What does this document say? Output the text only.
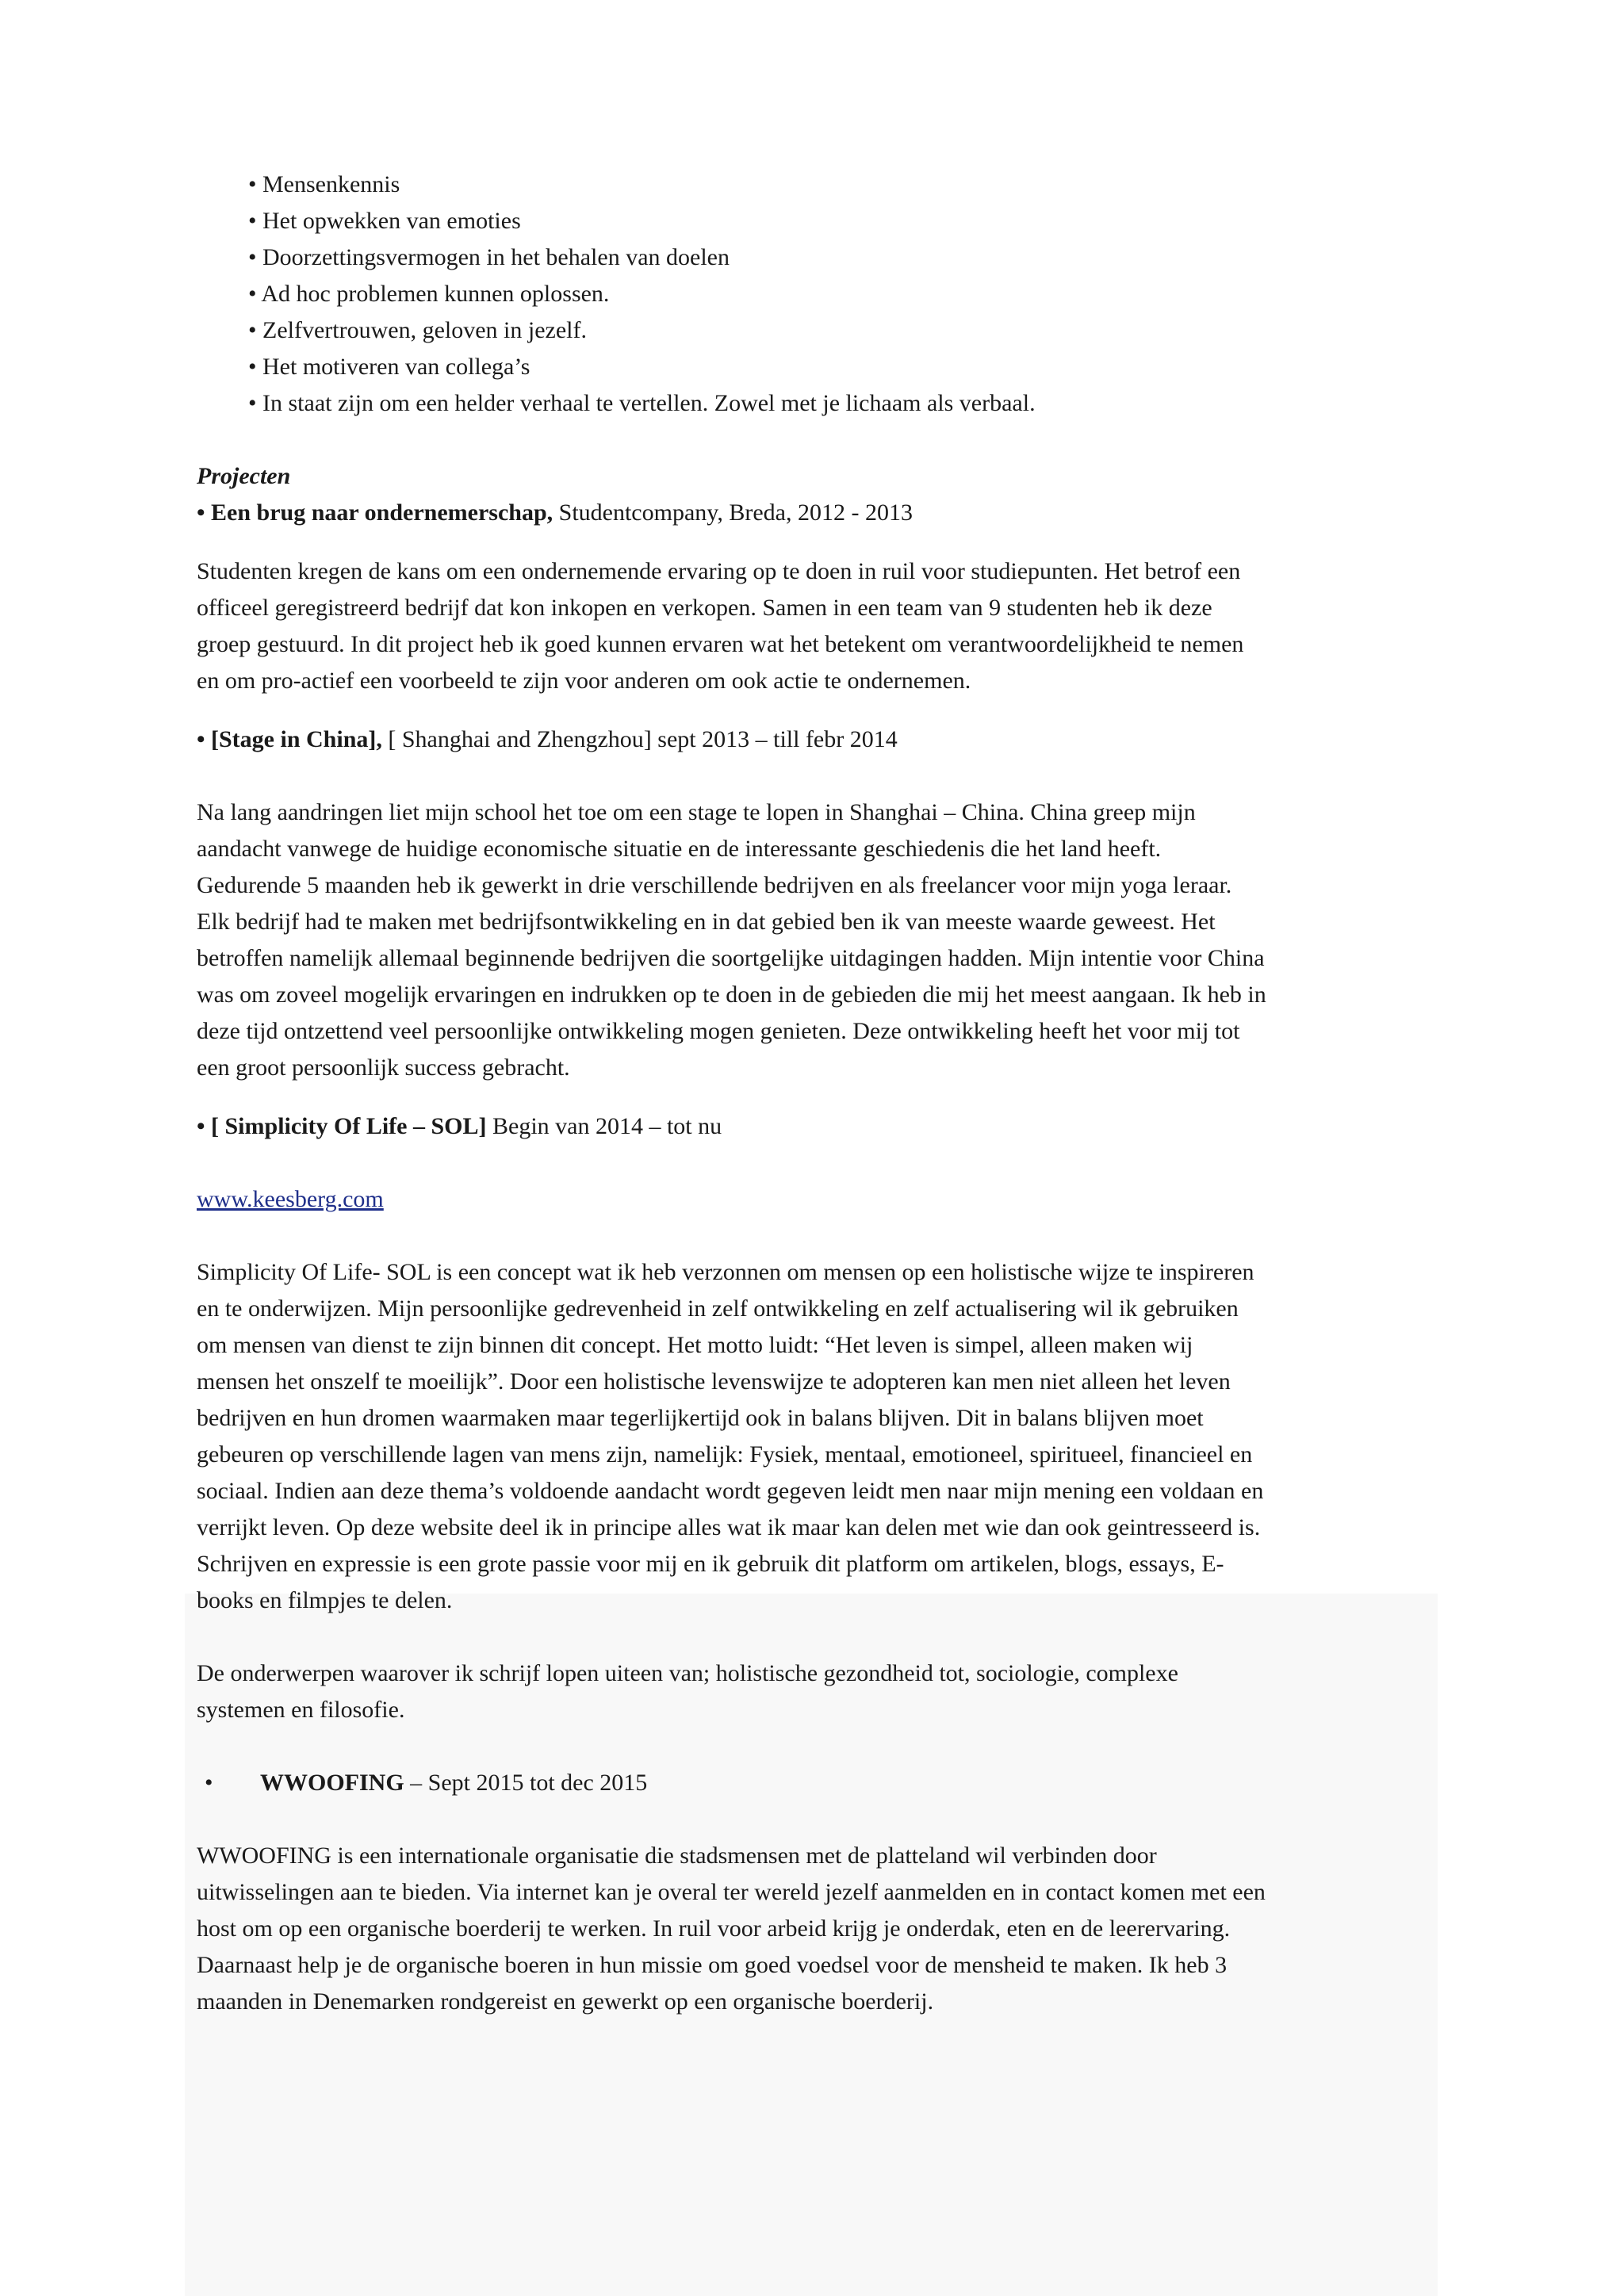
• Mensenkennis
• Het opwekken van emoties
• Doorzettingsvermogen in het behalen van doelen
• Ad hoc problemen kunnen oplossen.
• Zelfvertrouwen, geloven in jezelf.
• Het motiveren van collega’s
• In staat zijn om een helder verhaal te vertellen. Zowel met je lichaam als verbaal.
Projecten
• Een brug naar ondernemerschap, Studentcompany, Breda, 2012 - 2013
Studenten kregen de kans om een ondernemende ervaring op te doen in ruil voor studiepunten. Het betrof een
officeel geregistreerd bedrijf dat kon inkopen en verkopen. Samen in een team van 9 studenten heb ik deze
groep gestuurd. In dit project heb ik goed kunnen ervaren wat het betekent om verantwoordelijkheid te nemen
en om pro-actief een voorbeeld te zijn voor anderen om ook actie te ondernemen.
• [Stage in China], [ Shanghai and Zhengzhou] sept 2013 – till febr 2014
Na lang aandringen liet mijn school het toe om een stage te lopen in Shanghai – China. China greep mijn
aandacht vanwege de huidige economische situatie en de interessante geschiedenis die het land heeft.
Gedurende 5 maanden heb ik gewerkt in drie verschillende bedrijven en als freelancer voor mijn yoga leraar.
Elk bedrijf had te maken met bedrijfsontwikkeling en in dat gebied ben ik van meeste waarde geweest. Het
betroffen namelijk allemaal beginnende bedrijven die soortgelijke uitdagingen hadden. Mijn intentie voor China
was om zoveel mogelijk ervaringen en indrukken op te doen in de gebieden die mij het meest aangaan. Ik heb in
deze tijd ontzettend veel persoonlijke ontwikkeling mogen genieten. Deze ontwikkeling heeft het voor mij tot
een groot persoonlijk success gebracht.
• [ Simplicity Of Life – SOL] Begin van 2014 – tot nu
www.keesberg.com
Simplicity Of Life- SOL is een concept wat ik heb verzonnen om mensen op een holistische wijze te inspireren
en te onderwijzen. Mijn persoonlijke gedrevenheid in zelf ontwikkeling en zelf actualisering wil ik gebruiken
om mensen van dienst te zijn binnen dit concept. Het motto luidt: “Het leven is simpel, alleen maken wij
mensen het onszelf te moeilijk”. Door een holistische levenswijze te adopteren kan men niet alleen het leven
bedrijven en hun dromen waarmaken maar tegerlijkertijd ook in balans blijven. Dit in balans blijven moet
gebeuren op verschillende lagen van mens zijn, namelijk: Fysiek, mentaal, emotioneel, spiritueel, financieel en
sociaal. Indien aan deze thema’s voldoende aandacht wordt gegeven leidt men naar mijn mening een voldaan en
verrijkt leven. Op deze website deel ik in principe alles wat ik maar kan delen met wie dan ook geintresseerd is.
Schrijven en expressie is een grote passie voor mij en ik gebruik dit platform om artikelen, blogs, essays, E-
books en filmpjes te delen.
De onderwerpen waarover ik schrijf lopen uiteen van; holistische gezondheid tot, sociologie, complexe
systemen en filosofie.
• WWOOFING – Sept 2015 tot dec 2015
WWOOFING is een internationale organisatie die stadsmensen met de platteland wil verbinden door
uitwisselingen aan te bieden. Via internet kan je overal ter wereld jezelf aanmelden en in contact komen met een
host om op een organische boerderij te werken. In ruil voor arbeid krijg je onderdak, eten en de leerervaring.
Daarnaast help je de organische boeren in hun missie om goed voedsel voor de mensheid te maken. Ik heb 3
maanden in Denemarken rondgereist en gewerkt op een organische boerderij.
